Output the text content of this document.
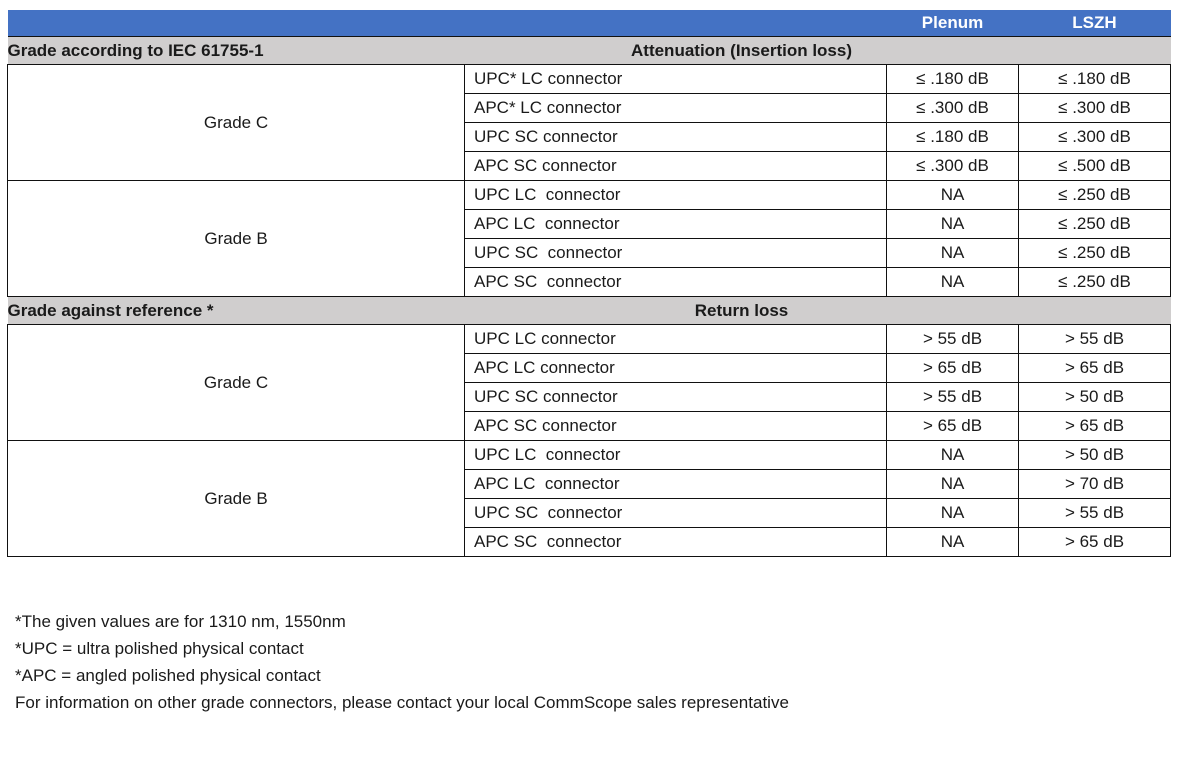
		Plenum	LSZH
Grade according to IEC 61755-1	Attenuation (Insertion loss)		
Grade C	UPC* LC connector	≤ .180 dB	≤ .180 dB
	APC* LC connector	≤ .300 dB	≤ .300 dB
	UPC SC connector	≤ .180 dB	≤ .300 dB
	APC SC connector	≤ .300 dB	≤ .500 dB
Grade B	UPC LC  connector	NA	≤ .250 dB
	APC LC  connector	NA	≤ .250 dB
	UPC SC  connector	NA	≤ .250 dB
	APC SC  connector	NA	≤ .250 dB
Grade against reference *	Return loss		
Grade C	UPC LC connector	> 55 dB	> 55 dB
	APC LC connector	> 65 dB	> 65 dB
	UPC SC connector	> 55 dB	> 50 dB
	APC SC connector	> 65 dB	> 65 dB
Grade B	UPC LC  connector	NA	> 50 dB
	APC LC  connector	NA	> 70 dB
	UPC SC  connector	NA	> 55 dB
	APC SC  connector	NA	> 65 dB
*The given values are for 1310 nm, 1550nm
*UPC = ultra polished physical contact
*APC = angled polished physical contact
For information on other grade connectors, please contact your local CommScope sales representative
